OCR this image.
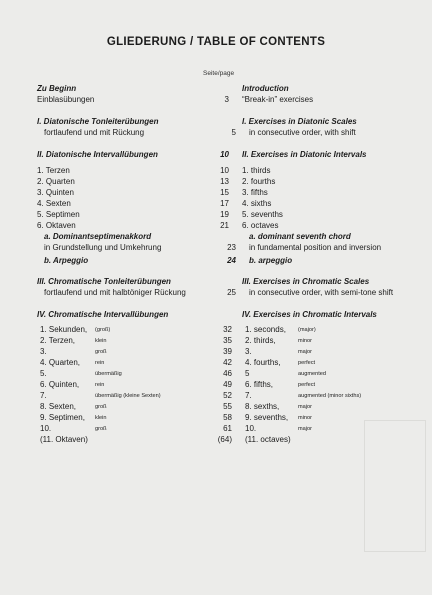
GLIEDERUNG / TABLE OF CONTENTS
Seite/page
Zu Beginn
Einblasübungen	3
I. Diatonische Tonleiterübungen
fortlaufend und mit Rückung	5
II. Diatonische Intervallübungen	10
1. Terzen	10
2. Quarten	13
3. Quinten	15
4. Sexten	17
5. Septimen	19
6. Oktaven	21
a. Dominantseptimenakkord
in Grundstellung und Umkehrung	23
b. Arpeggio	24
III. Chromatische Tonleiterübungen
fortlaufend und mit halbtöniger Rückung	25
IV. Chromatische Intervallübungen
1. Sekunden, (groß)	32
2. Terzen,	klein	35
3.	groß	39
4. Quarten,	rein	42
5.	übermäßig	46
6. Quinten,	rein	49
7.	übermäßig (kleine Sexten)	52
8. Sexten,	groß	55
9. Septimen, klein	58
10.	groß	61
(11. Oktaven)	(64)
Introduction
“Break-in” exercises
I. Exercises in Diatonic Scales
in consecutive order, with shift
II. Exercises in Diatonic Intervals
1. thirds
2. fourths
3. fifths
4. sixths
5. sevenths
6. octaves
a. dominant seventh chord
in fundamental position and inversion
b. arpeggio
III. Exercises in Chromatic Scales
in consecutive order, with semi-tone shift
IV. Exercises in Chromatic Intervals
1. seconds, (major)
2. thirds,	minor
3.	major
4. fourths,	perfect
5	augmented
6. fifths,	perfect
7.	augmented (minor sixths)
8. sexths,	major
9. sevenths, minor
10.	major
(11. octaves)
